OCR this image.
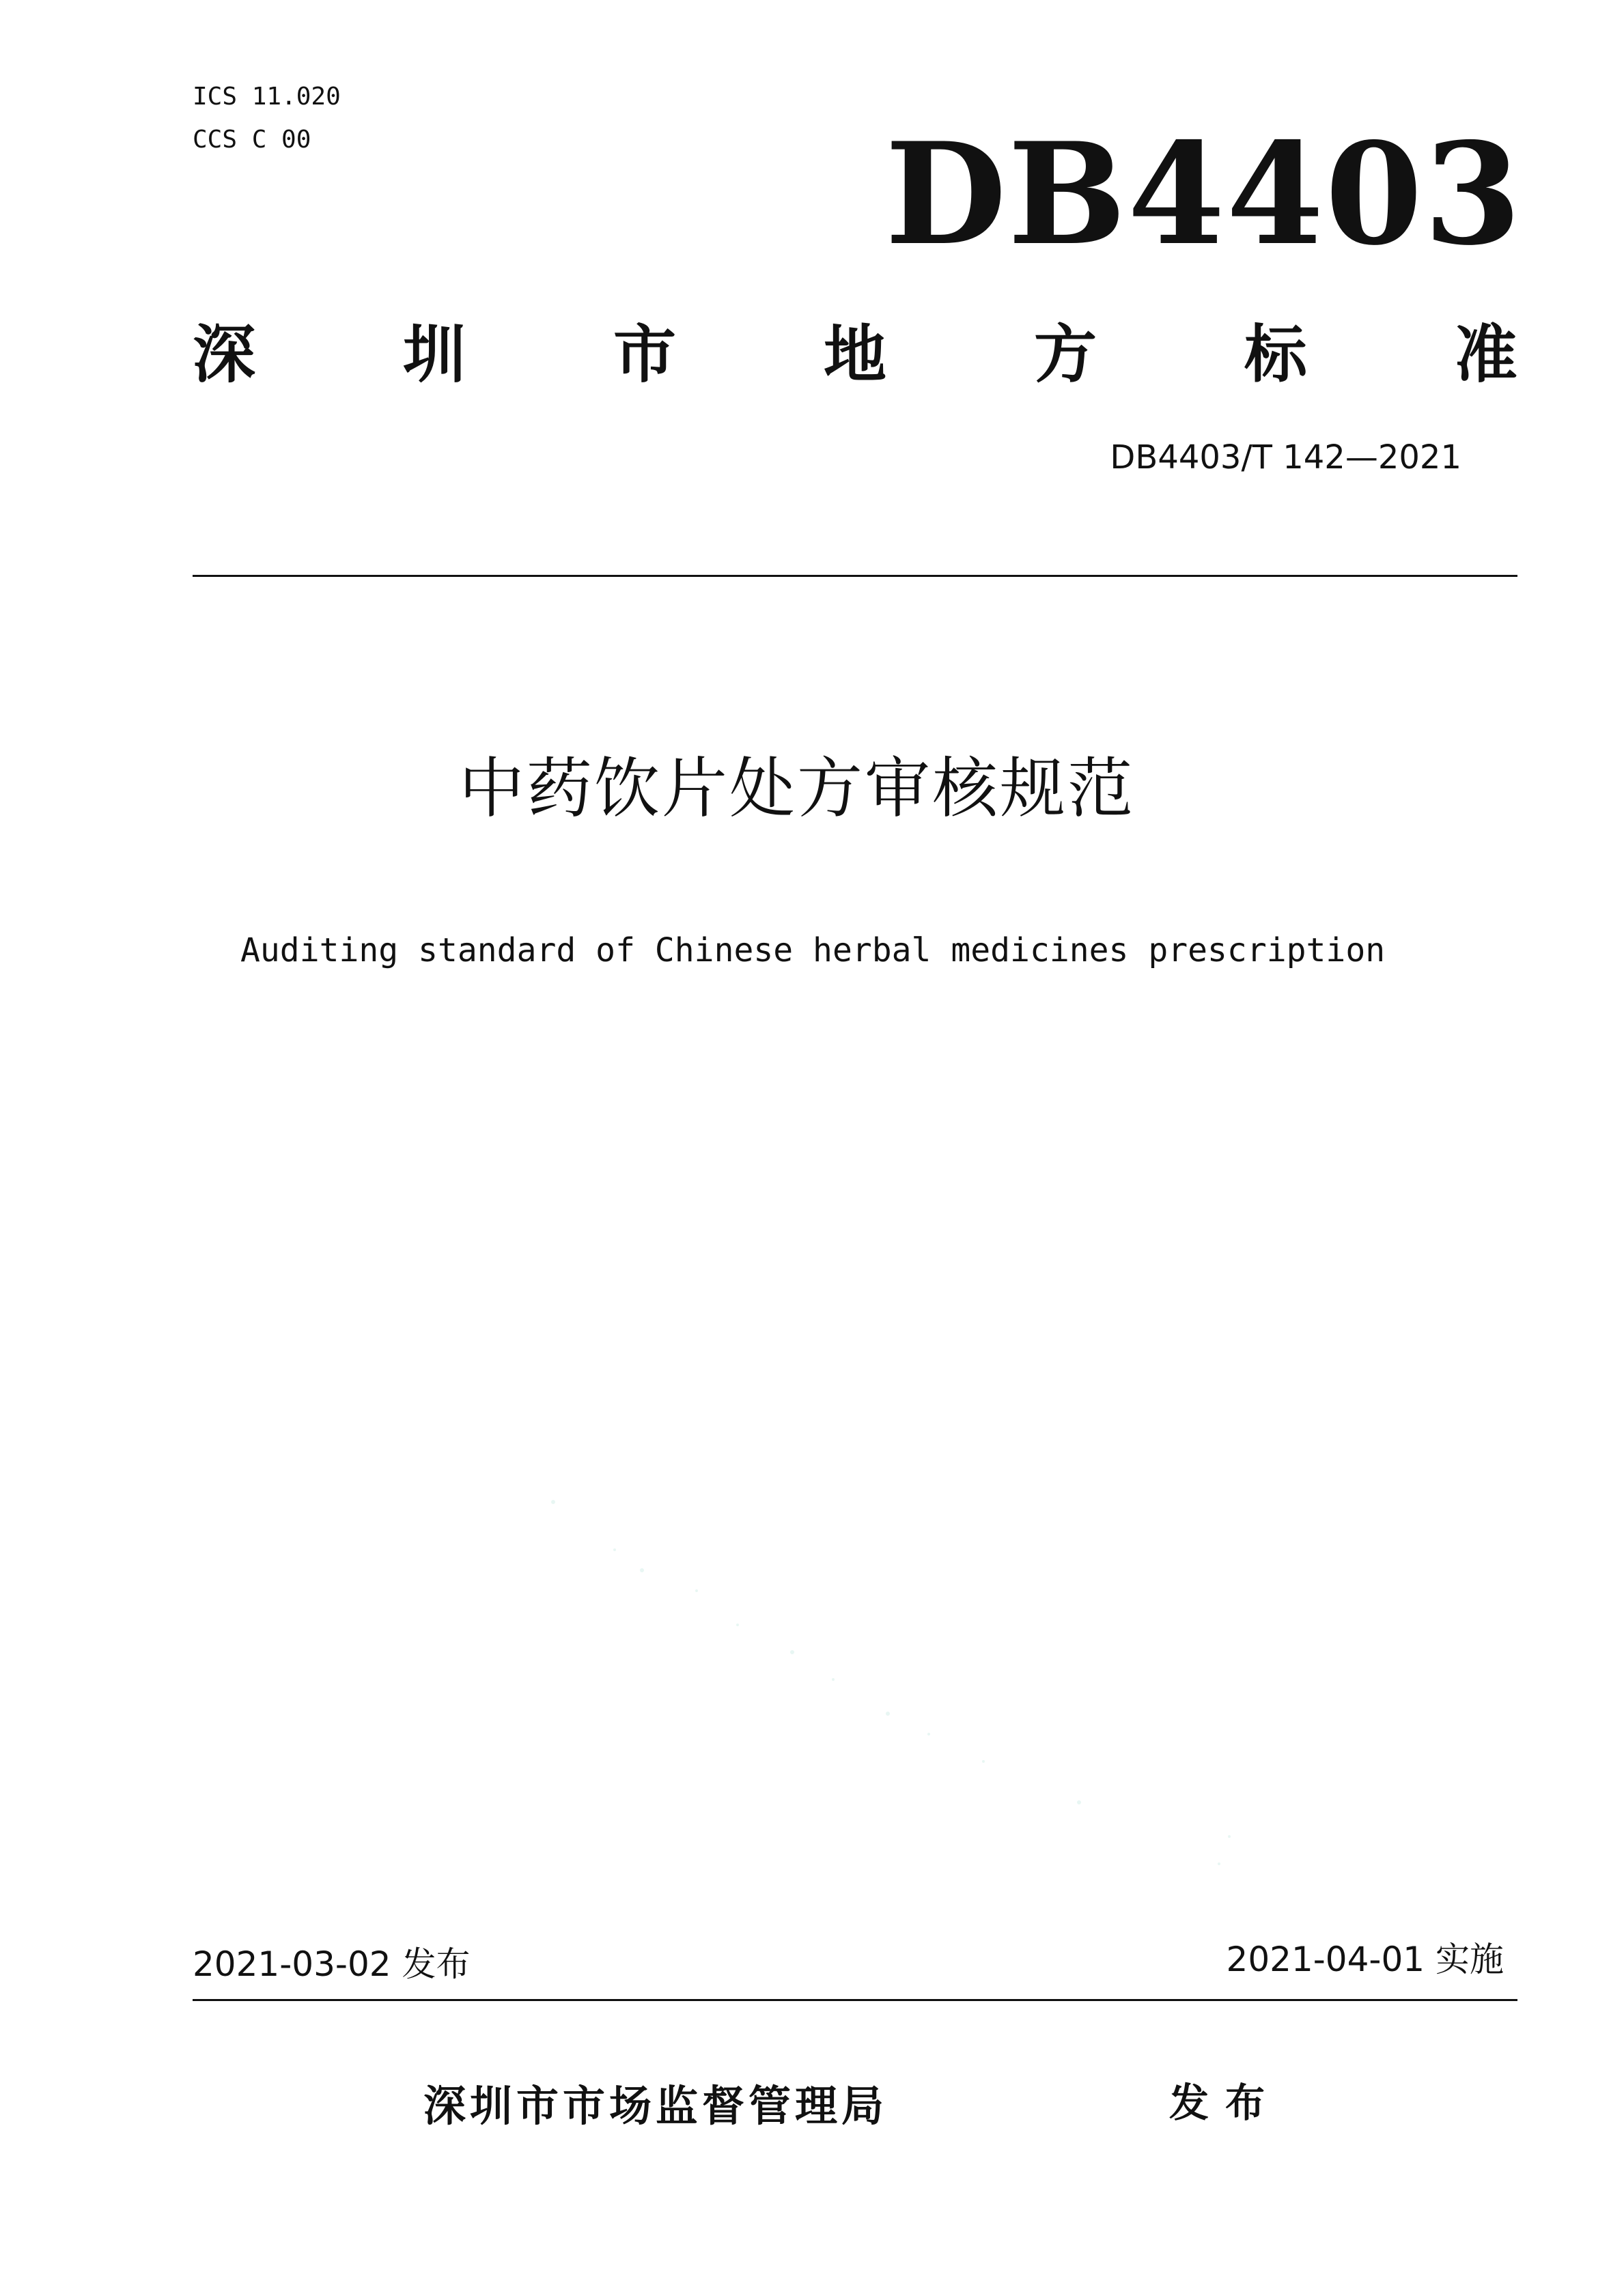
ICS 11.020
CCS C 00	DB4403
深 圳 市 地 方 标 准
DB4403/T 142—2021
中药饮片处方审核规范
Auditing standard of Chinese herbal medicines prescription
2021-03-02 发布	2021-04-01 实施
深圳市市场监督管理局	发布
